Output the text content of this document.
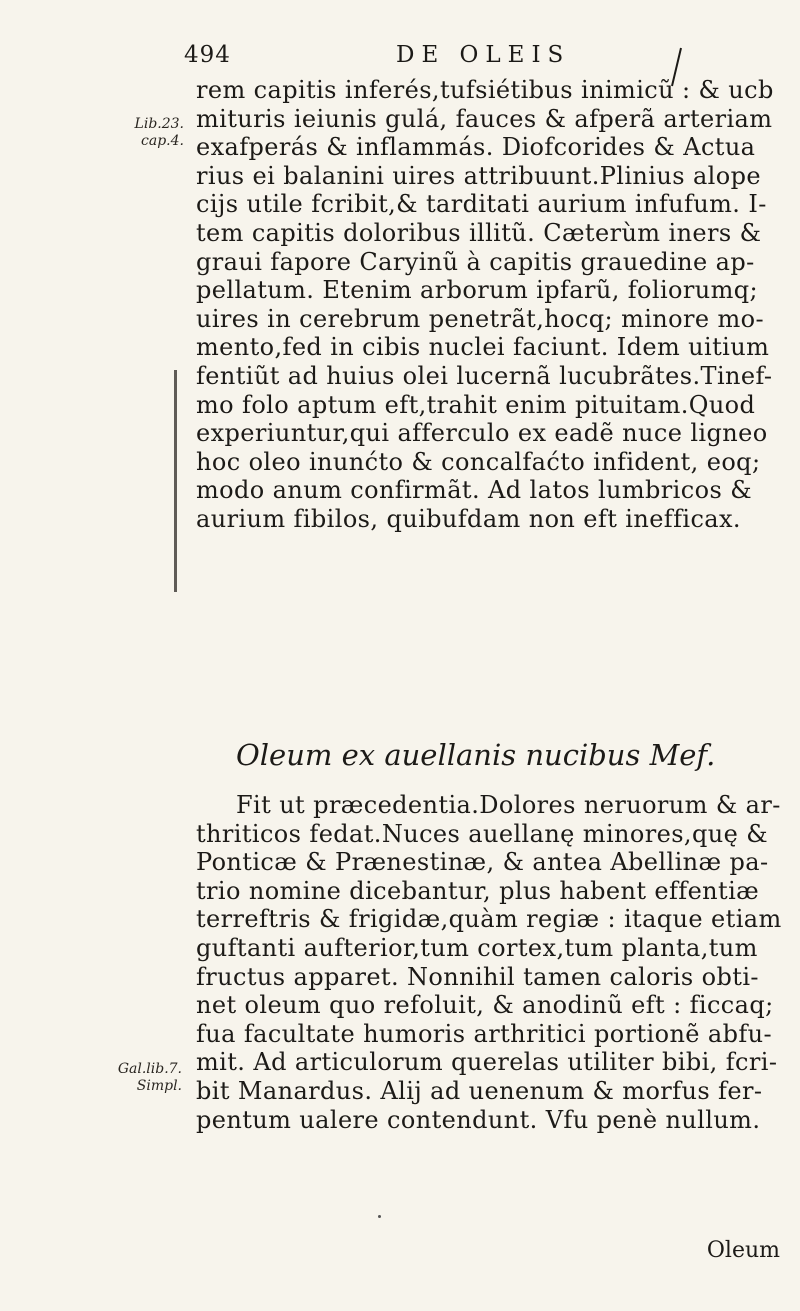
494	DE OLEIS
Lib.23.
cap.4.
rem capitis inferés,tufsiétibus inimicũ : & ucb
mituris ieiunis gulá, fauces & afperã arteriam
exafperás & inflammás. Diofcorides & Actua
rius ei balanini uires attribuunt.Plinius alope
cijs utile fcribit,& tarditati aurium infufum. I-
tem capitis doloribus illitũ. Cæterùm iners &
graui fapore Caryinũ à capitis grauedine ap-
pellatum. Etenim arborum ipfarũ, foliorumq;
uires in cerebrum penetrãt,hocq; minore mo-
mento,fed in cibis nuclei faciunt. Idem uitium
fentiũt ad huius olei lucernã lucubrãtes.Tinef-
mo folo aptum eft,trahit enim pituitam.Quod
experiuntur,qui afferculo ex eadẽ nuce ligneo
hoc oleo inunćto & concalfaćto infident, eoq;
modo anum confirmãt. Ad latos lumbricos &
aurium fibilos, quibufdam non eft inefficax.
Oleum ex auellanis nucibus Mef.
Fit ut præcedentia.Dolores neruorum & ar-
thriticos fedat.Nuces auellanę minores,quę &
Ponticæ & Prænestinæ, & antea Abellinæ pa-
trio nomine dicebantur, plus habent effentiæ
terreftris & frigidæ,quàm regiæ : itaque etiam
guftanti aufterior,tum cortex,tum planta,tum
fructus apparet. Nonnihil tamen caloris obti-
net oleum quo refoluit, & anodinũ eft : ficcaq;
fua facultate humoris arthritici portionẽ abfu-
mit. Ad articulorum querelas utiliter bibi, fcri-
bit Manardus. Alij ad uenenum & morfus fer-
pentum ualere contendunt. Vfu penè nullum.
Gal.lib.7.
Simpl.
Oleum
